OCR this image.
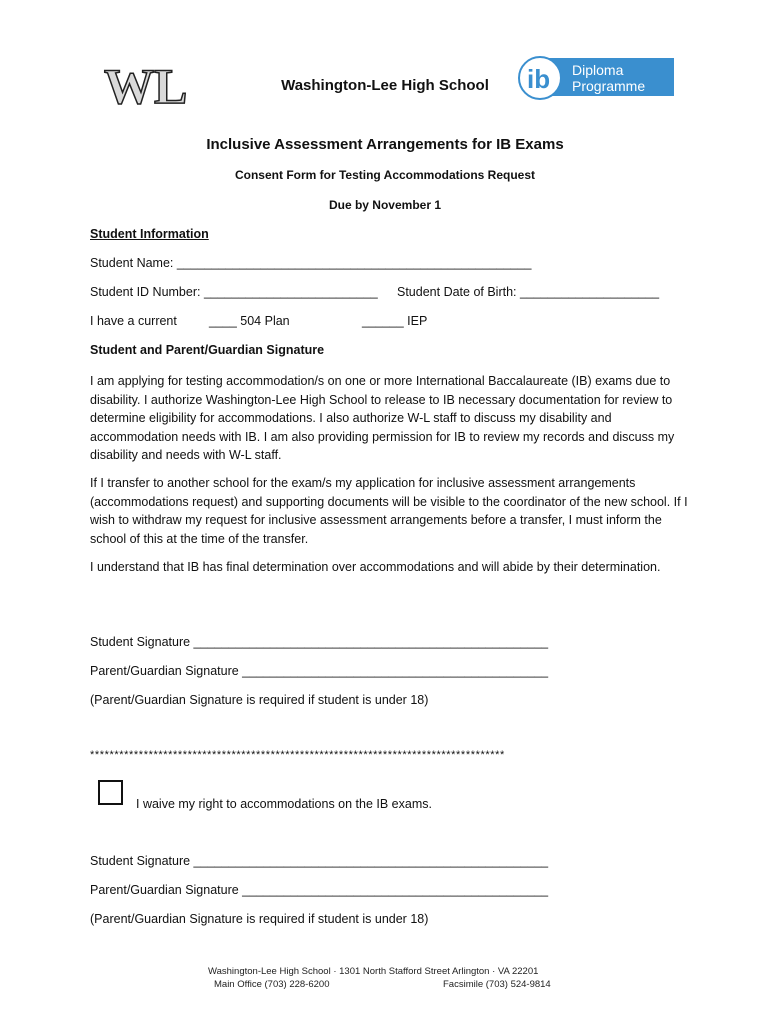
WL	ib Diploma
Programme
Washington-Lee High School
Inclusive Assessment Arrangements for IB Exams
Consent Form for Testing Accommodations Request
Due by November 1
Student Information
Student Name: ___________________________________________________
Student ID Number: _________________________ Student Date of Birth: ____________________
I have a current	____ 504 Plan	______ IEP
Student and Parent/Guardian Signature
I am applying for testing accommodation/s on one or more International Baccalaureate (IB) exams due to disability. I authorize Washington-Lee High School to release to IB necessary documentation for review to determine eligibility for accommodations. I also authorize W-L staff to discuss my disability and accommodation needs with IB. I am also providing permission for IB to review my records and discuss my disability and needs with W-L staff.
If I transfer to another school for the exam/s my application for inclusive assessment arrangements (accommodations request) and supporting documents will be visible to the coordinator of the new school. If I wish to withdraw my request for inclusive assessment arrangements before a transfer, I must inform the school of this at the time of the transfer.
I understand that IB has final determination over accommodations and will abide by their determination.
Student Signature ___________________________________________________
Parent/Guardian Signature ____________________________________________
(Parent/Guardian Signature is required if student is under 18)
*************************************************************************************
I waive my right to accommodations on the IB exams.
Student Signature ___________________________________________________
Parent/Guardian Signature ____________________________________________
(Parent/Guardian Signature is required if student is under 18)
Washington-Lee High School · 1301 North Stafford Street Arlington · VA 22201
Main Office (703) 228-6200	Facsimile (703) 524-9814
